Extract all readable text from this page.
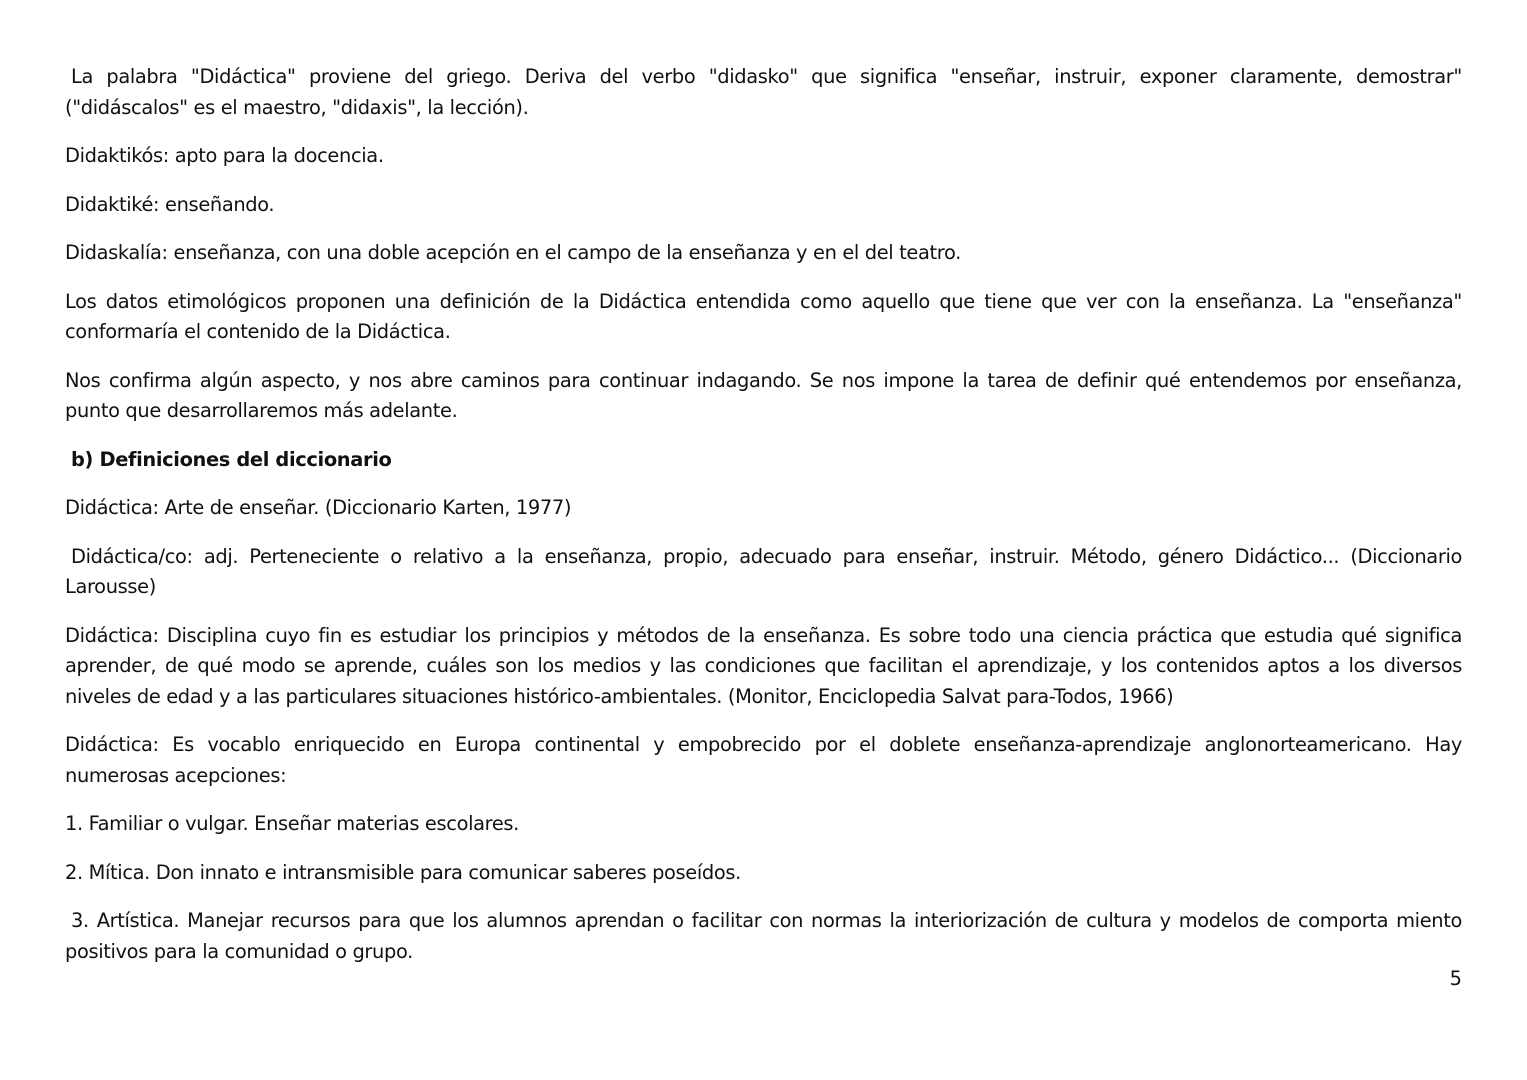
La palabra "Didáctica" proviene del griego. Deriva del verbo "didasko" que significa "enseñar, instruir, exponer claramente, demostrar" ("didáscalos" es el maestro, "didaxis", la lección).

Didaktikós: apto para la docencia.

Didaktiké: enseñando.

Didaskalía: enseñanza, con una doble acepción en el campo de la enseñanza y en el del teatro.

Los datos etimológicos proponen una definición de la Didáctica entendida como aquello que tiene que ver con la enseñanza. La "enseñanza" conformaría el contenido de la Didáctica.

Nos confirma algún aspecto, y nos abre caminos para continuar indagando. Se nos impone la tarea de definir qué entendemos por enseñanza, punto que desarrollaremos más adelante.

b) Definiciones del diccionario

Didáctica: Arte de enseñar. (Diccionario Karten, 1977)

Didáctica/co: adj. Perteneciente o relativo a la enseñanza, propio, adecuado para enseñar, instruir. Método, género Didáctico... (Diccionario Larousse)

Didáctica: Disciplina cuyo fin es estudiar los principios y métodos de la enseñanza. Es sobre todo una ciencia práctica que estudia qué significa aprender, de qué modo se aprende, cuáles son los medios y las condiciones que facilitan el aprendizaje, y los contenidos aptos a los diversos niveles de edad y a las particulares situaciones histórico-ambientales. (Monitor, Enciclopedia Salvat para-Todos, 1966)

Didáctica: Es vocablo enriquecido en Europa continental y empobrecido por el doblete enseñanza-aprendizaje anglonorteamericano. Hay numerosas acepciones:

1. Familiar o vulgar. Enseñar materias escolares.

2. Mítica. Don innato e intransmisible para comunicar saberes poseídos.

3. Artística. Manejar recursos para que los alumnos aprendan o facilitar con normas la interiorización de cultura y modelos de comporta miento positivos para la comunidad o grupo.

5
